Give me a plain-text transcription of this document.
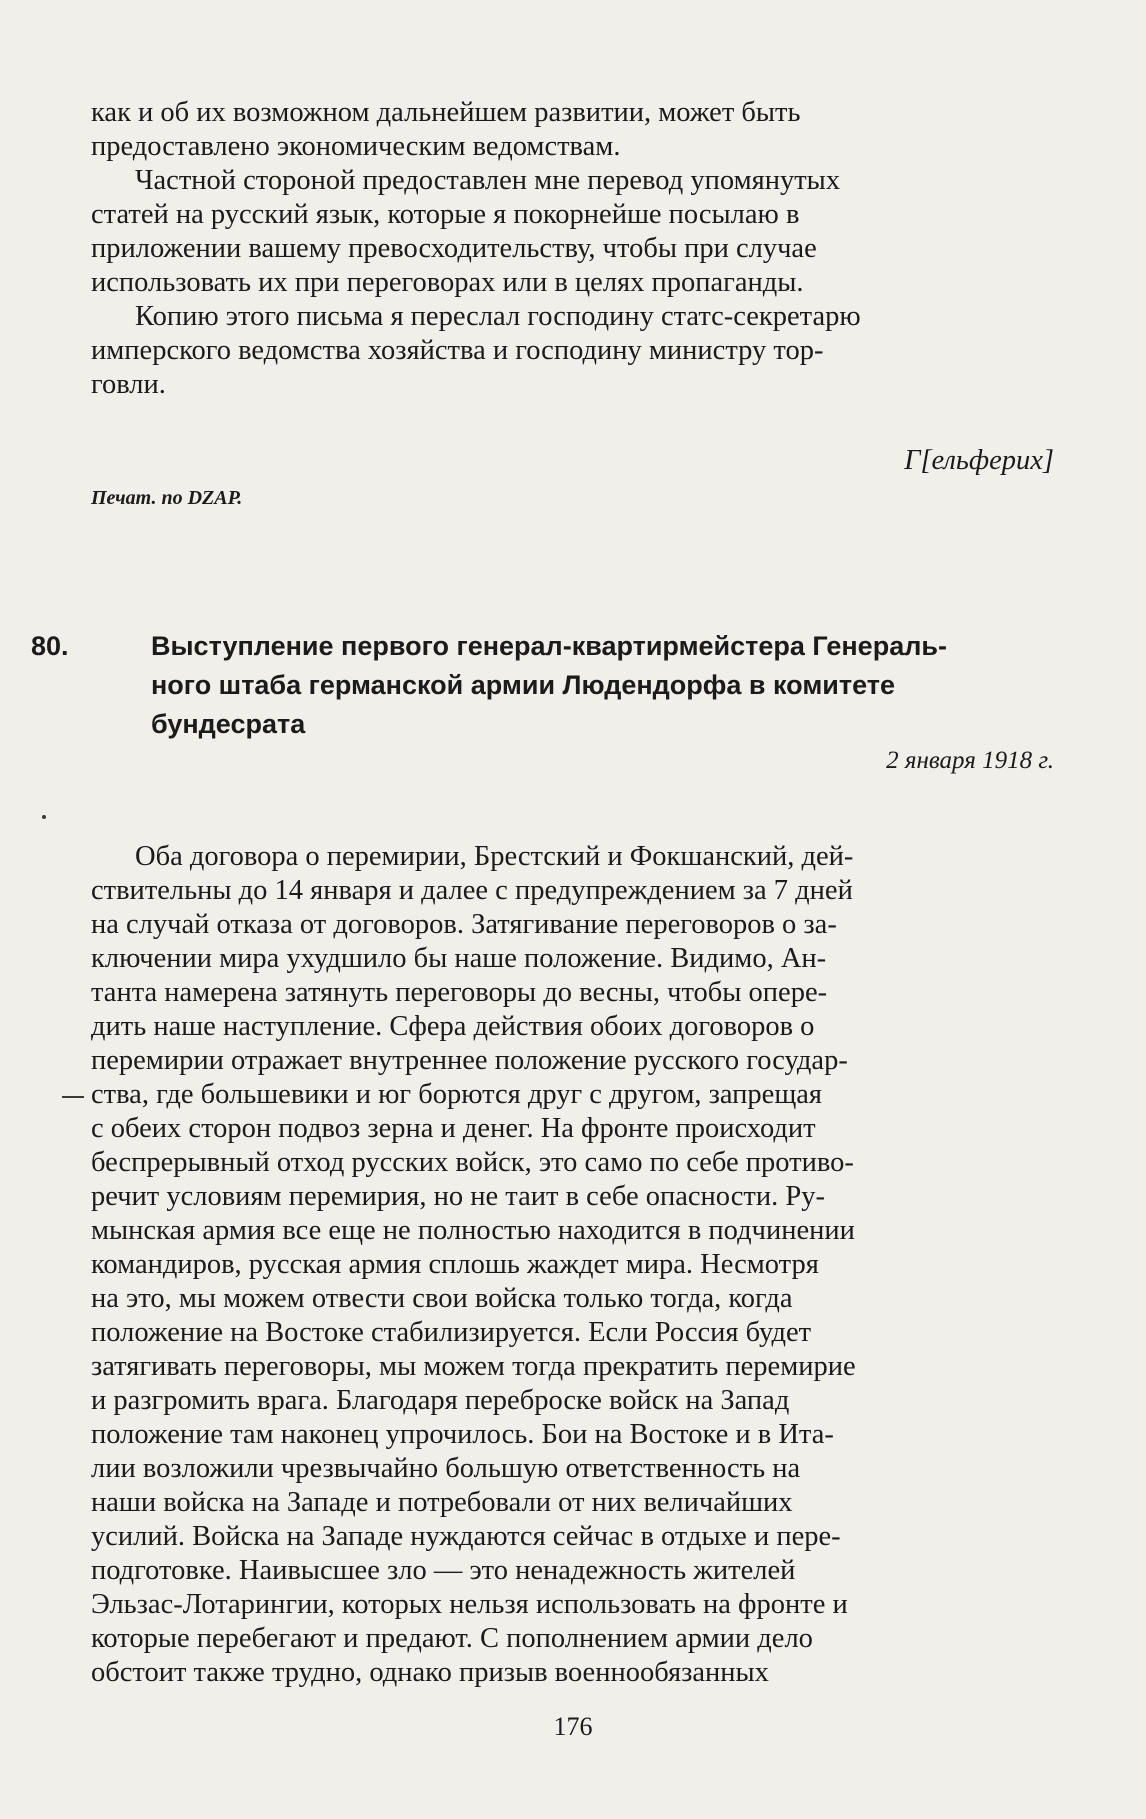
как и об их возможном дальнейшем развитии, может быть
предоставлено экономическим ведомствам.

Частной стороной предоставлен мне перевод упомянутых
статей на русский язык, которые я покорнейше посылаю в
приложении вашему превосходительству, чтобы при случае
использовать их при переговорах или в целях пропаганды.

Копию этого письма я переслал господину статс-секретарю
имперского ведомства хозяйства и господину министру тор-
говли.

Г[ельферих]
Печат. по DZAP.
80.	Выступление первого генерал-квартирмейстера Генераль-
ного штаба германской армии Людендорфа в комитете
бундесрата
2 января 1918 г.

Оба договора о перемирии, Брестский и Фокшанский, дей-
ствительны до 14 января и далее с предупреждением за 7 дней
на случай отказа от договоров. Затягивание переговоров о за-
ключении мира ухудшило бы наше положение. Видимо, Ан-
танта намерена затянуть переговоры до весны, чтобы опере-
дить наше наступление. Сфера действия обоих договоров о
перемирии отражает внутреннее положение русского государ-
ства, где большевики и юг борются друг с другом, запрещая
с обеих сторон подвоз зерна и денег. На фронте происходит
беспрерывный отход русских войск, это само по себе противо-
речит условиям перемирия, но не таит в себе опасности. Ру-
мынская армия все еще не полностью находится в подчинении
командиров, русская армия сплошь жаждет мира. Несмотря
на это, мы можем отвести свои войска только тогда, когда
положение на Востоке стабилизируется. Если Россия будет
затягивать переговоры, мы можем тогда прекратить перемирие
и разгромить врага. Благодаря переброске войск на Запад
положение там наконец упрочилось. Бои на Востоке и в Ита-
лии возложили чрезвычайно большую ответственность на
наши войска на Западе и потребовали от них величайших
усилий. Войска на Западе нуждаются сейчас в отдыхе и пере-
подготовке. Наивысшее зло — это ненадежность жителей
Эльзас-Лотарингии, которых нельзя использовать на фронте и
которые перебегают и предают. С пополнением армии дело
обстоит также трудно, однако призыв военнообязанных

176
